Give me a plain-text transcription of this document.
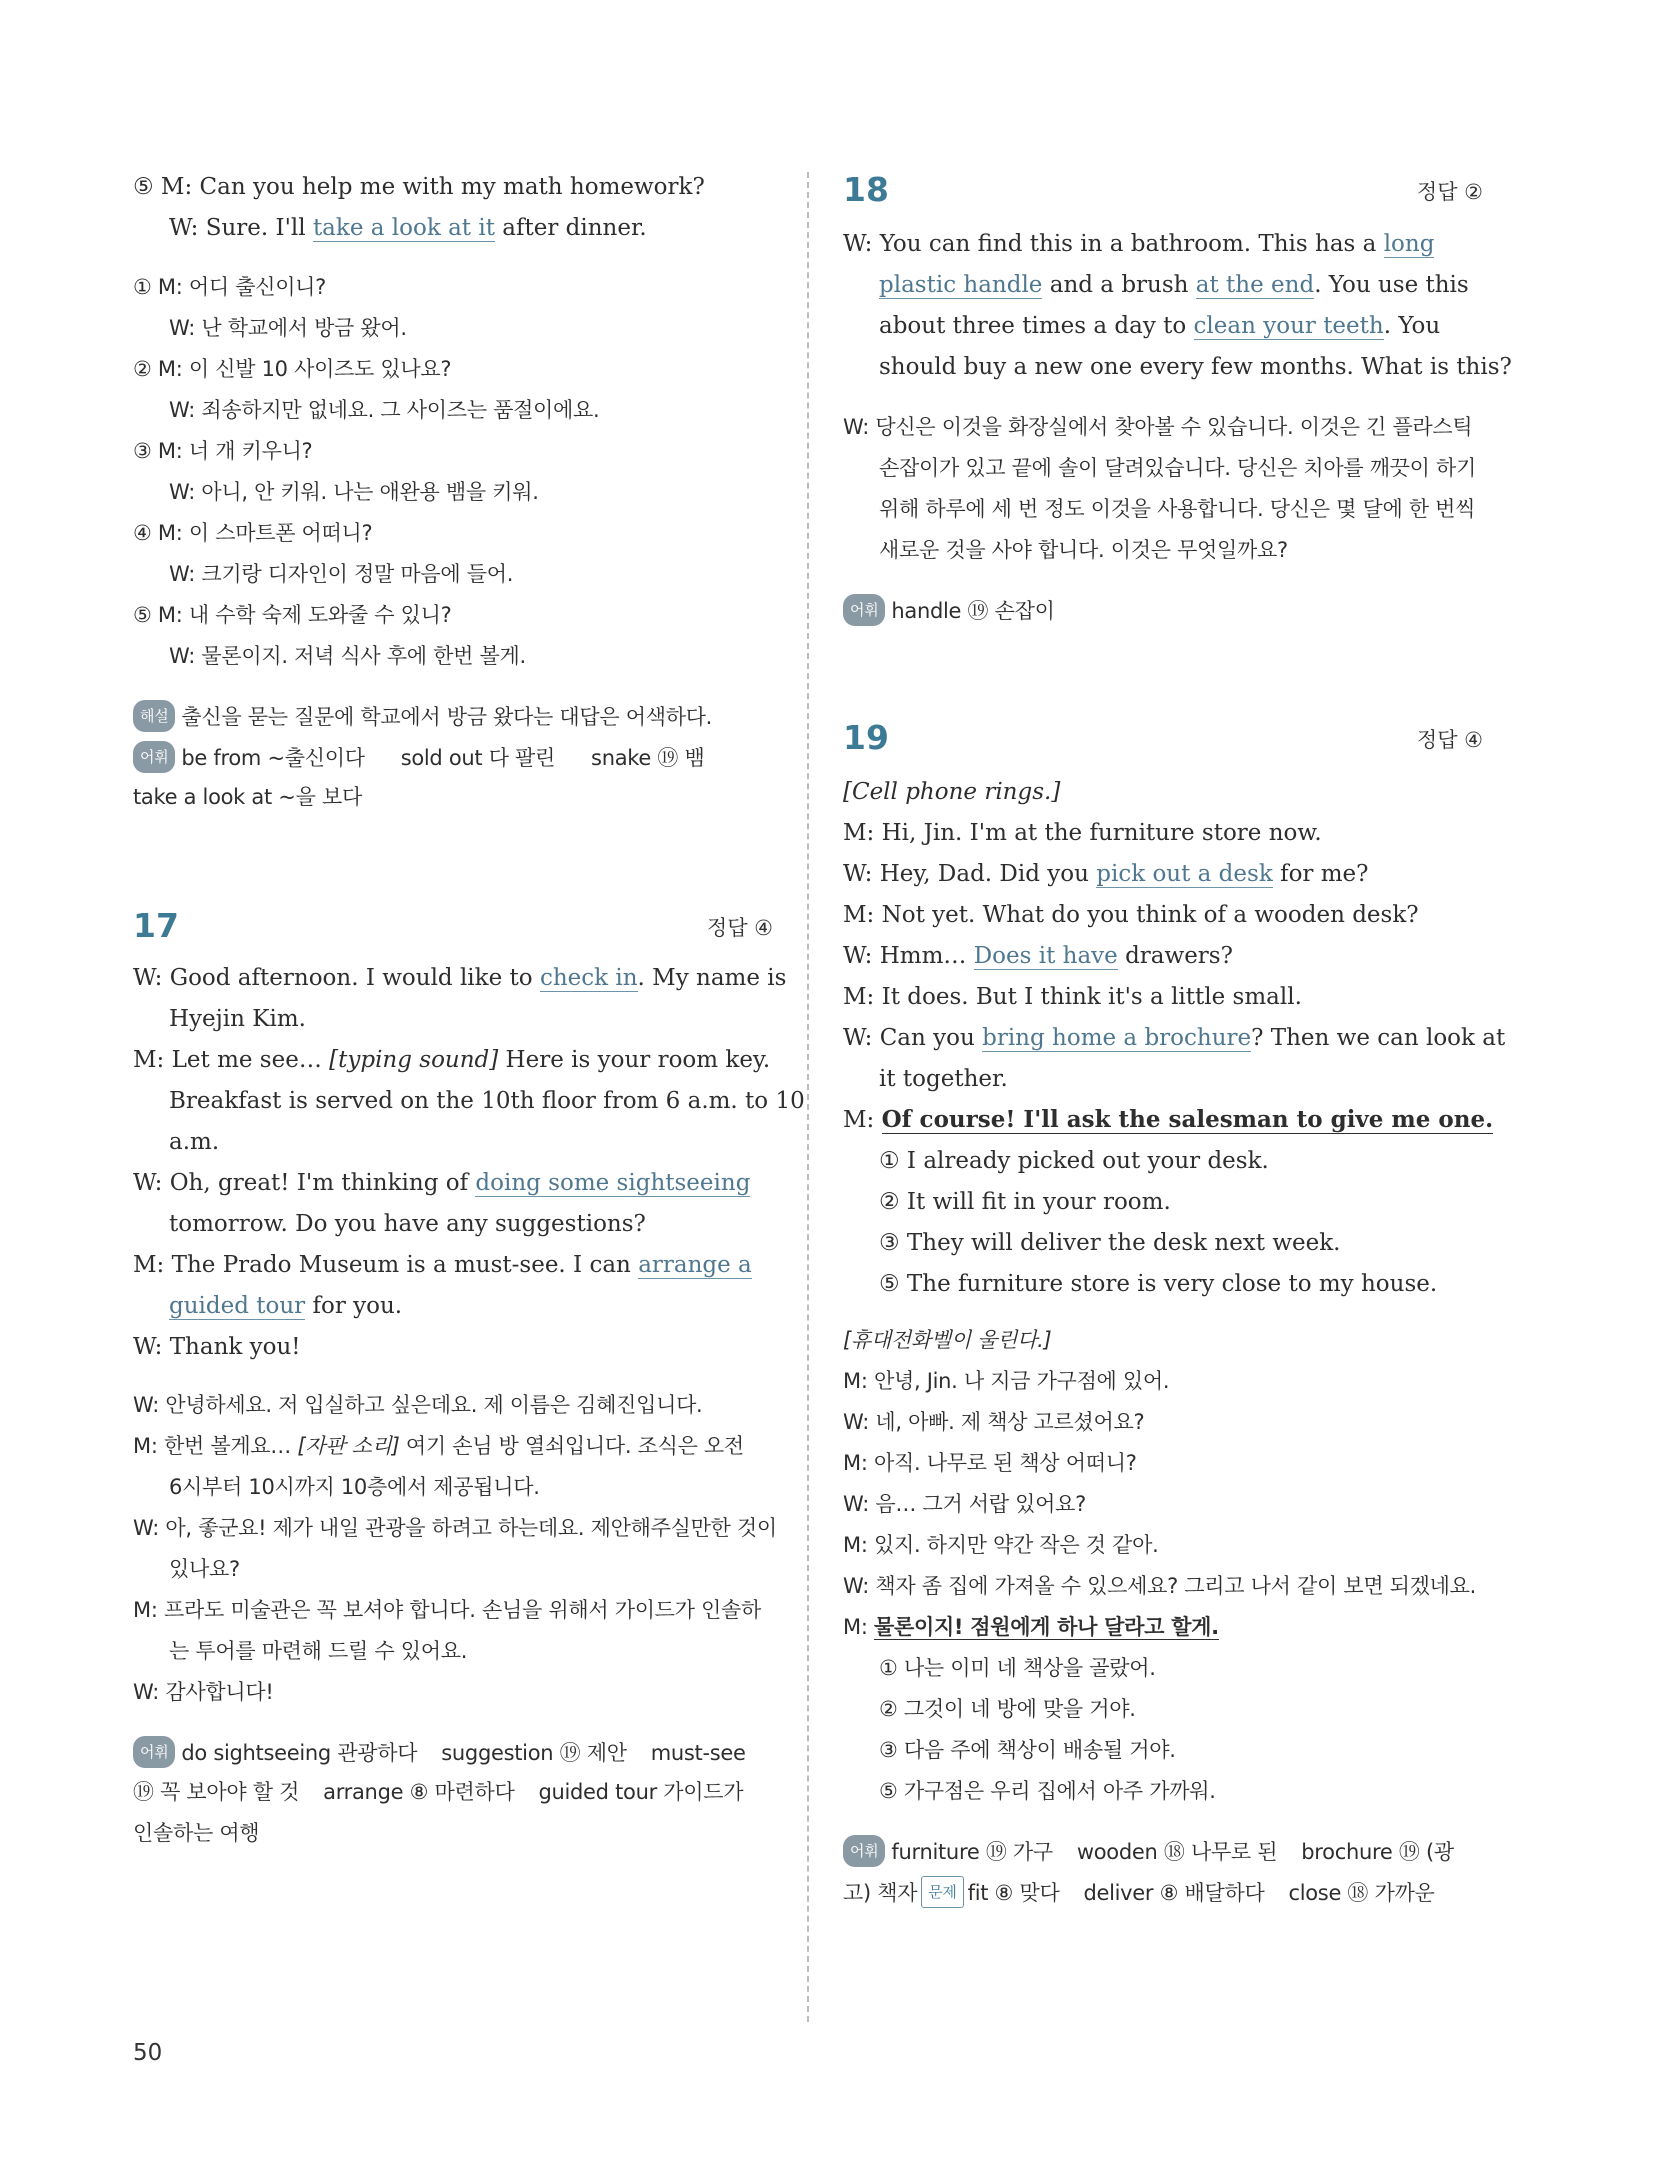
⑤ M: Can you help me with my math homework?
W: Sure. I'll take a look at it after dinner.
① M: 어디 출신이니?
W: 난 학교에서 방금 왔어.
② M: 이 신발 10 사이즈도 있나요?
W: 죄송하지만 없네요. 그 사이즈는 품절이에요.
③ M: 너 개 키우니?
W: 아니, 안 키워. 나는 애완용 뱀을 키워.
④ M: 이 스마트폰 어떠니?
W: 크기랑 디자인이 정말 마음에 들어.
⑤ M: 내 수학 숙제 도와줄 수 있니?
W: 물론이지. 저녁 식사 후에 한번 볼게.
해설 출신을 묻는 질문에 학교에서 방금 왔다는 대답은 어색하다.
어휘 be from ~출신이다 sold out 다 팔린 snake ⑲ 뱀
take a look at ~을 보다
17	정답 ④
W: Good afternoon. I would like to check in. My name is
Hyejin Kim.
M: Let me see… [typing sound] Here is your room key.
Breakfast is served on the 10th floor from 6 a.m. to 10
a.m.
W: Oh, great! I'm thinking of doing some sightseeing
tomorrow. Do you have any suggestions?
M: The Prado Museum is a must-see. I can arrange a
guided tour for you.
W: Thank you!
W: 안녕하세요. 저 입실하고 싶은데요. 제 이름은 김혜진입니다.
M: 한번 볼게요… [자판 소리] 여기 손님 방 열쇠입니다. 조식은 오전
6시부터 10시까지 10층에서 제공됩니다.
W: 아, 좋군요! 제가 내일 관광을 하려고 하는데요. 제안해주실만한 것이
있나요?
M: 프라도 미술관은 꼭 보셔야 합니다. 손님을 위해서 가이드가 인솔하
는 투어를 마련해 드릴 수 있어요.
W: 감사합니다!
어휘 do sightseeing 관광하다 suggestion ⑲ 제안 must-see
⑲ 꼭 보아야 할 것 arrange ⑧ 마련하다 guided tour 가이드가
인솔하는 여행
18	정답 ②
W: You can find this in a bathroom. This has a long
plastic handle and a brush at the end. You use this
about three times a day to clean your teeth. You
should buy a new one every few months. What is this?
W: 당신은 이것을 화장실에서 찾아볼 수 있습니다. 이것은 긴 플라스틱
손잡이가 있고 끝에 솔이 달려있습니다. 당신은 치아를 깨끗이 하기
위해 하루에 세 번 정도 이것을 사용합니다. 당신은 몇 달에 한 번씩
새로운 것을 사야 합니다. 이것은 무엇일까요?
어휘 handle ⑲ 손잡이
19	정답 ④
[Cell phone rings.]
M: Hi, Jin. I'm at the furniture store now.
W: Hey, Dad. Did you pick out a desk for me?
M: Not yet. What do you think of a wooden desk?
W: Hmm… Does it have drawers?
M: It does. But I think it's a little small.
W: Can you bring home a brochure? Then we can look at
it together.
M: Of course! I'll ask the salesman to give me one.
① I already picked out your desk.
② It will fit in your room.
③ They will deliver the desk next week.
⑤ The furniture store is very close to my house.
[휴대전화벨이 울린다.]
M: 안녕, Jin. 나 지금 가구점에 있어.
W: 네, 아빠. 제 책상 고르셨어요?
M: 아직. 나무로 된 책상 어떠니?
W: 음… 그거 서랍 있어요?
M: 있지. 하지만 약간 작은 것 같아.
W: 책자 좀 집에 가져올 수 있으세요? 그리고 나서 같이 보면 되겠네요.
M: 물론이지! 점원에게 하나 달라고 할게.
① 나는 이미 네 책상을 골랐어.
② 그것이 네 방에 맞을 거야.
③ 다음 주에 책상이 배송될 거야.
⑤ 가구점은 우리 집에서 아주 가까워.
어휘 furniture ⑲ 가구 wooden ⑱ 나무로 된 brochure ⑲ (광
고) 책자 문제 fit ⑧ 맞다 deliver ⑧ 배달하다 close ⑱ 가까운
50
